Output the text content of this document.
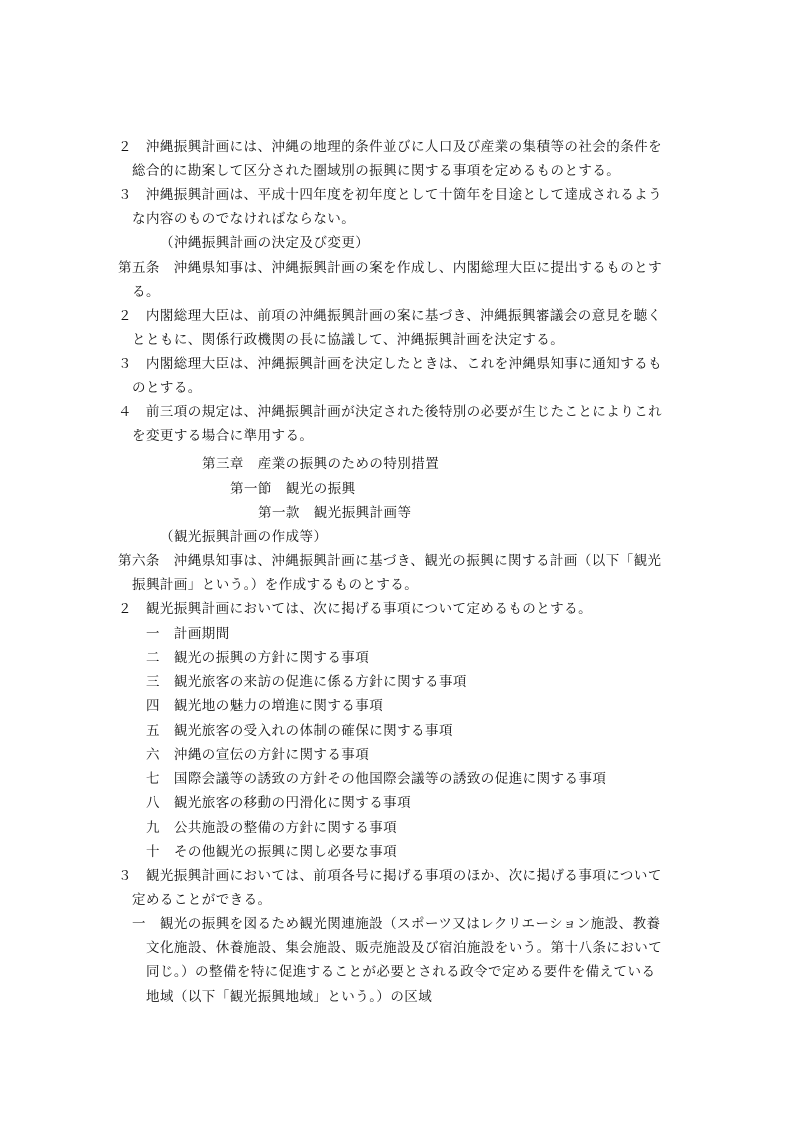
２　沖縄振興計画には、沖縄の地理的条件並びに人口及び産業の集積等の社会的条件を
総合的に勘案して区分された圏域別の振興に関する事項を定めるものとする。
３　沖縄振興計画は、平成十四年度を初年度として十箇年を目途として達成されるよう
な内容のものでなければならない。
（沖縄振興計画の決定及び変更）
第五条　沖縄県知事は、沖縄振興計画の案を作成し、内閣総理大臣に提出するものとす
る。
２　内閣総理大臣は、前項の沖縄振興計画の案に基づき、沖縄振興審議会の意見を聴く
とともに、関係行政機関の長に協議して、沖縄振興計画を決定する。
３　内閣総理大臣は、沖縄振興計画を決定したときは、これを沖縄県知事に通知するも
のとする。
４　前三項の規定は、沖縄振興計画が決定された後特別の必要が生じたことによりこれ
を変更する場合に準用する。
第三章　産業の振興のための特別措置
第一節　観光の振興
第一款　観光振興計画等
（観光振興計画の作成等）
第六条　沖縄県知事は、沖縄振興計画に基づき、観光の振興に関する計画（以下「観光
振興計画」という。）を作成するものとする。
２　観光振興計画においては、次に掲げる事項について定めるものとする。
一　計画期間
二　観光の振興の方針に関する事項
三　観光旅客の来訪の促進に係る方針に関する事項
四　観光地の魅力の増進に関する事項
五　観光旅客の受入れの体制の確保に関する事項
六　沖縄の宣伝の方針に関する事項
七　国際会議等の誘致の方針その他国際会議等の誘致の促進に関する事項
八　観光旅客の移動の円滑化に関する事項
九　公共施設の整備の方針に関する事項
十　その他観光の振興に関し必要な事項
３　観光振興計画においては、前項各号に掲げる事項のほか、次に掲げる事項について
定めることができる。
一　観光の振興を図るため観光関連施設（スポーツ又はレクリエーション施設、教養
文化施設、休養施設、集会施設、販売施設及び宿泊施設をいう。第十八条において
同じ。）の整備を特に促進することが必要とされる政令で定める要件を備えている
地域（以下「観光振興地域」という。）の区域
